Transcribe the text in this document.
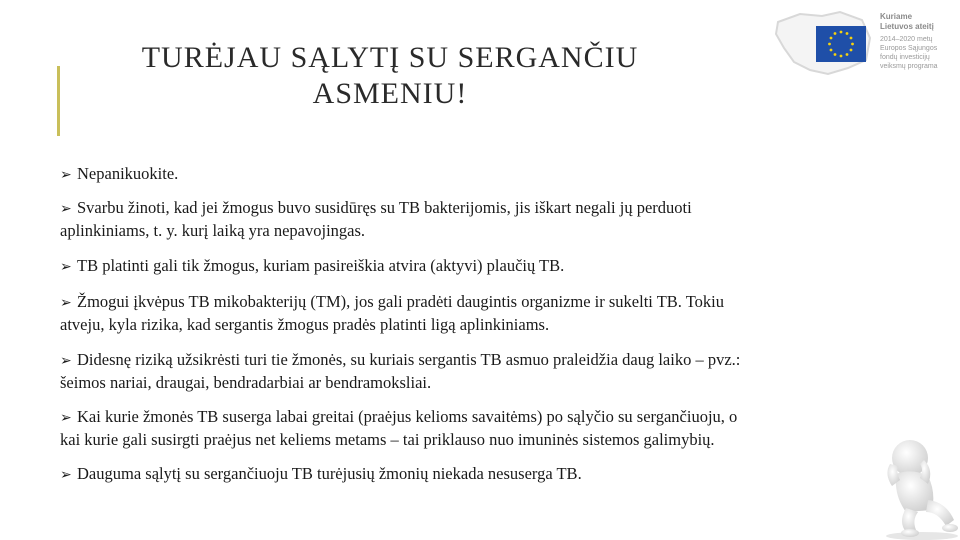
TURĖJAU SĄLYTĮ SU SERGANČIU
ASMENIU!
Kuriame
Lietuvos ateitį
2014–2020 metų
Europos Sąjungos
fondų investicijų
veiksmų programa
➢ Nepanikuokite.
➢ Svarbu žinoti, kad jei žmogus buvo susidūręs su TB bakterijomis, jis iškart negali jų perduoti
aplinkiniams, t. y. kurį laiką yra nepavojingas.
➢ TB platinti gali tik žmogus, kuriam pasireiškia atvira (aktyvi) plaučių TB.
➢ Žmogui įkvėpus TB mikobakterijų (TM), jos gali pradėti daugintis organizme ir sukelti TB. Tokiu
atveju, kyla rizika, kad sergantis žmogus pradės platinti ligą aplinkiniams.
➢ Didesnę riziką užsikrėsti turi tie žmonės, su kuriais sergantis TB asmuo praleidžia daug laiko – pvz.:
šeimos nariai, draugai, bendradarbiai ar bendramoksliai.
➢ Kai kurie žmonės TB suserga labai greitai (praėjus kelioms savaitėms) po sąlyčio su sergančiuoju, o
kai kurie gali susirgti praėjus net keliems metams – tai priklauso nuo imuninės sistemos galimybių.
➢ Dauguma sąlytį su sergančiuoju TB turėjusių žmonių niekada nesuserga TB.
